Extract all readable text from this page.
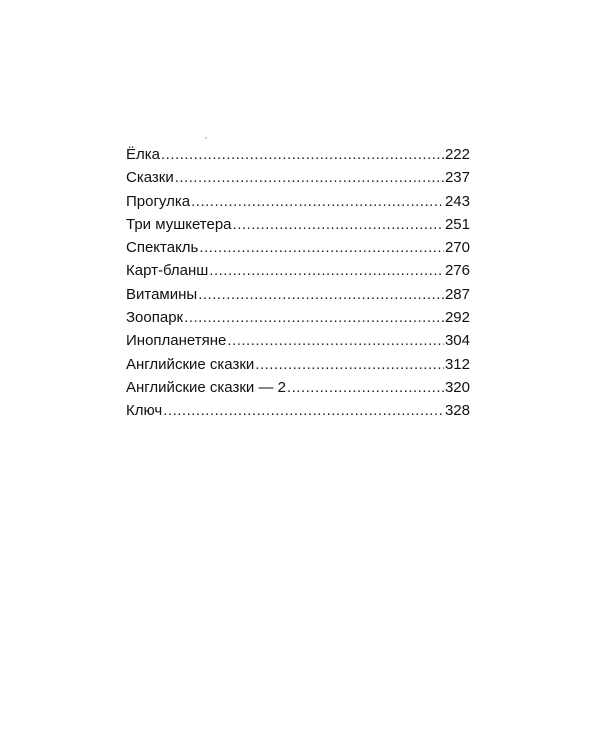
Ёлка .....	222
Сказки .....	237
Прогулка .....	243
Три мушкетера .....	251
Спектакль .....	270
Карт-бланш .....	276
Витамины .....	287
Зоопарк .....	292
Инопланетяне .....	304
Английские сказки .....	312
Английские сказки — 2 .....	320
Ключ .....	328
